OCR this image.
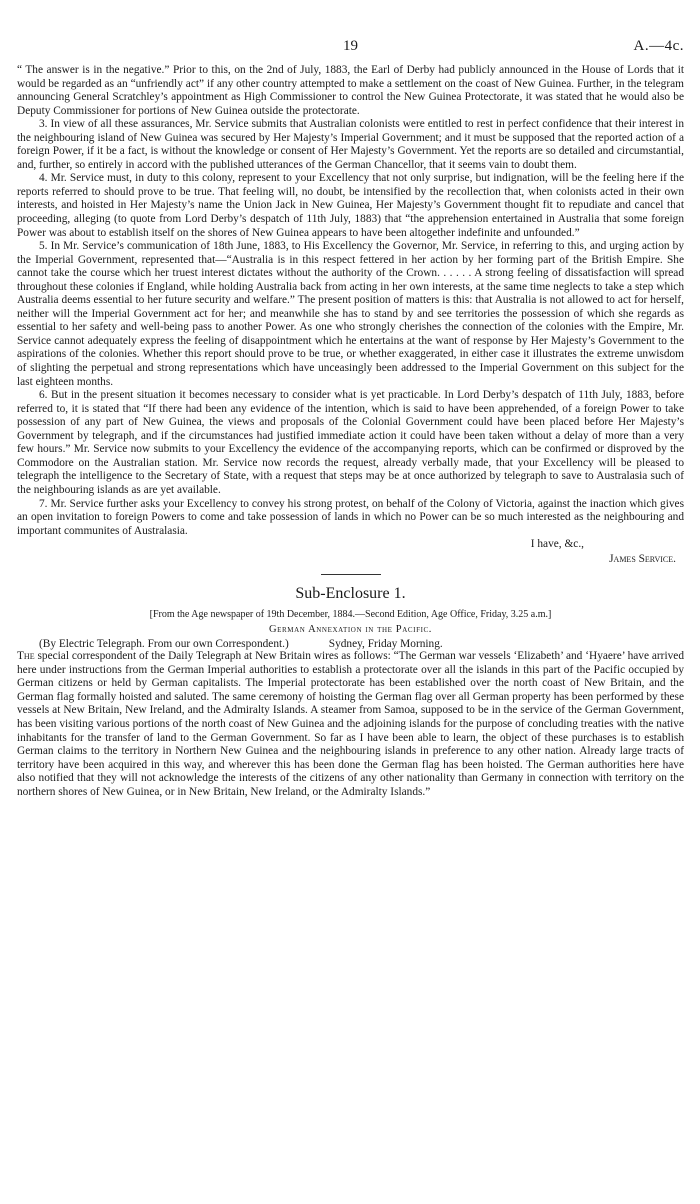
19	A.—4c.

“ The answer is in the negative.” Prior to this, on the 2nd of July, 1883, the Earl of Derby had publicly announced in the House of Lords that it would be regarded as an “unfriendly act” if any other country attempted to make a settlement on the coast of New Guinea. Further, in the telegram announcing General Scratchley’s appointment as High Commissioner to control the New Guinea Protectorate, it was stated that he would also be Deputy Commissioner for portions of New Guinea outside the protectorate.

3. In view of all these assurances, Mr. Service submits that Australian colonists were entitled to rest in perfect confidence that their interest in the neighbouring island of New Guinea was secured by Her Majesty’s Imperial Government; and it must be supposed that the reported action of a foreign Power, if it be a fact, is without the knowledge or consent of Her Majesty’s Government. Yet the reports are so detailed and circumstantial, and, further, so entirely in accord with the published utterances of the German Chancellor, that it seems vain to doubt them.

4. Mr. Service must, in duty to this colony, represent to your Excellency that not only surprise, but indignation, will be the feeling here if the reports referred to should prove to be true. That feeling will, no doubt, be intensified by the recollection that, when colonists acted in their own interests, and hoisted in Her Majesty’s name the Union Jack in New Guinea, Her Majesty’s Government thought fit to repudiate and cancel that proceeding, alleging (to quote from Lord Derby’s despatch of 11th July, 1883) that “the apprehension entertained in Australia that some foreign Power was about to establish itself on the shores of New Guinea appears to have been altogether indefinite and unfounded.”

5. In Mr. Service’s communication of 18th June, 1883, to His Excellency the Governor, Mr. Service, in referring to this, and urging action by the Imperial Government, represented that—“Australia is in this respect fettered in her action by her forming part of the British Empire. She cannot take the course which her truest interest dictates without the authority of the Crown. . . . . . A strong feeling of dissatisfaction will spread throughout these colonies if England, while holding Australia back from acting in her own interests, at the same time neglects to take a step which Australia deems essential to her future security and welfare.” The present position of matters is this: that Australia is not allowed to act for herself, neither will the Imperial Government act for her; and meanwhile she has to stand by and see territories the possession of which she regards as essential to her safety and well-being pass to another Power. As one who strongly cherishes the connection of the colonies with the Empire, Mr. Service cannot adequately express the feeling of disappointment which he entertains at the want of response by Her Majesty’s Government to the aspirations of the colonies. Whether this report should prove to be true, or whether exaggerated, in either case it illustrates the extreme unwisdom of slighting the perpetual and strong representations which have unceasingly been addressed to the Imperial Government on this subject for the last eighteen months.

6. But in the present situation it becomes necessary to consider what is yet practicable. In Lord Derby’s despatch of 11th July, 1883, before referred to, it is stated that “If there had been any evidence of the intention, which is said to have been apprehended, of a foreign Power to take possession of any part of New Guinea, the views and proposals of the Colonial Government could have been placed before Her Majesty’s Government by telegraph, and if the circumstances had justified immediate action it could have been taken without a delay of more than a very few hours.” Mr. Service now submits to your Excellency the evidence of the accompanying reports, which can be confirmed or disproved by the Commodore on the Australian station. Mr. Service now records the request, already verbally made, that your Excellency will be pleased to telegraph the intelligence to the Secretary of State, with a request that steps may be at once authorized by telegraph to save to Australasia such of the neighbouring islands as are yet available.

7. Mr. Service further asks your Excellency to convey his strong protest, on behalf of the Colony of Victoria, against the inaction which gives an open invitation to foreign Powers to come and take possession of lands in which no Power can be so much interested as the neighbouring and important communites of Australasia.

I have, &c.,
James Service.
Sub-Enclosure 1.
[From the Age newspaper of 19th December, 1884.—Second Edition, Age Office, Friday, 3.25 a.m.]
German Annexation in the Pacific.
(By Electric Telegraph. From our own Correspondent.)	Sydney, Friday Morning.

The special correspondent of the Daily Telegraph at New Britain wires as follows: “The German war vessels ‘Elizabeth’ and ‘Hyaere’ have arrived here under instructions from the German Imperial authorities to establish a protectorate over all the islands in this part of the Pacific occupied by German citizens or held by German capitalists. The Imperial protectorate has been established over the north coast of New Britain, and the German flag formally hoisted and saluted. The same ceremony of hoisting the German flag over all German property has been performed by these vessels at New Britain, New Ireland, and the Admiralty Islands. A steamer from Samoa, supposed to be in the service of the German Government, has been visiting various portions of the north coast of New Guinea and the adjoining islands for the purpose of concluding treaties with the native inhabitants for the transfer of land to the German Government. So far as I have been able to learn, the object of these purchases is to establish German claims to the territory in Northern New Guinea and the neighbouring islands in preference to any other nation. Already large tracts of territory have been acquired in this way, and wherever this has been done the German flag has been hoisted. The German authorities here have also notified that they will not acknowledge the interests of the citizens of any other nationality than Germany in connection with territory on the northern shores of New Guinea, or in New Britain, New Ireland, or the Admiralty Islands.”
